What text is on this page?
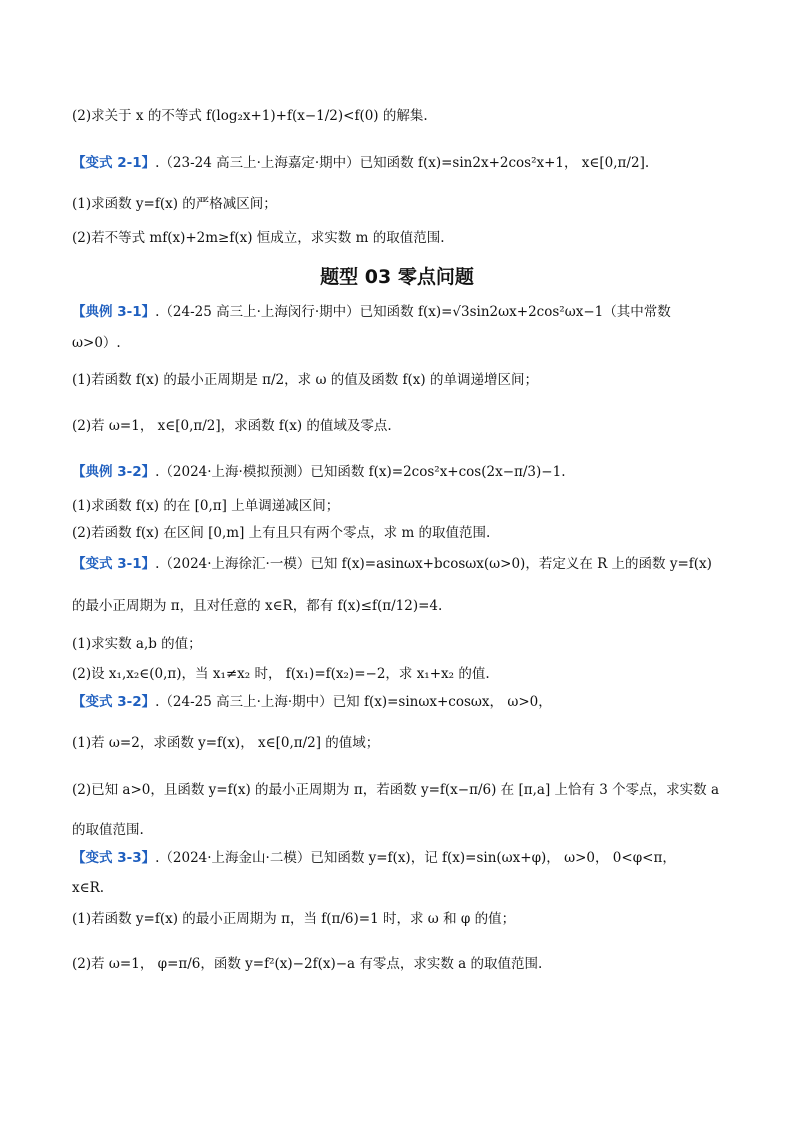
(2)求关于 x 的不等式 f(log₂x+1)+f(x−1/2)<f(0) 的解集.
【变式 2-1】.（23-24 高三上·上海嘉定·期中）已知函数 f(x)=sin2x+2cos²x+1， x∈[0,π/2].
(1)求函数 y=f(x) 的严格减区间；
(2)若不等式 mf(x)+2m≥f(x) 恒成立，求实数 m 的取值范围.
题型 03 零点问题
【典例 3-1】.（24-25 高三上·上海闵行·期中）已知函数 f(x)=√3sin2ωx+2cos²ωx−1（其中常数
ω>0）.
(1)若函数 f(x) 的最小正周期是 π/2，求 ω 的值及函数 f(x) 的单调递增区间；
(2)若 ω=1， x∈[0,π/2]，求函数 f(x) 的值域及零点.
【典例 3-2】.（2024·上海·模拟预测）已知函数 f(x)=2cos²x+cos(2x−π/3)−1.
(1)求函数 f(x) 的在 [0,π] 上单调递减区间；
(2)若函数 f(x) 在区间 [0,m] 上有且只有两个零点，求 m 的取值范围.
【变式 3-1】.（2024·上海徐汇·一模）已知 f(x)=asinωx+bcosωx(ω>0)，若定义在 R 上的函数 y=f(x)
的最小正周期为 π，且对任意的 x∈R，都有 f(x)≤f(π/12)=4.
(1)求实数 a,b 的值；
(2)设 x₁,x₂∈(0,π)，当 x₁≠x₂ 时， f(x₁)=f(x₂)=−2，求 x₁+x₂ 的值.
【变式 3-2】.（24-25 高三上·上海·期中）已知 f(x)=sinωx+cosωx， ω>0，
(1)若 ω=2，求函数 y=f(x)， x∈[0,π/2] 的值域；
(2)已知 a>0，且函数 y=f(x) 的最小正周期为 π，若函数 y=f(x−π/6) 在 [π,a] 上恰有 3 个零点，求实数 a
的取值范围.
【变式 3-3】.（2024·上海金山·二模）已知函数 y=f(x)，记 f(x)=sin(ωx+φ)， ω>0， 0<φ<π，
x∈R.
(1)若函数 y=f(x) 的最小正周期为 π，当 f(π/6)=1 时，求 ω 和 φ 的值；
(2)若 ω=1， φ=π/6，函数 y=f²(x)−2f(x)−a 有零点，求实数 a 的取值范围.
